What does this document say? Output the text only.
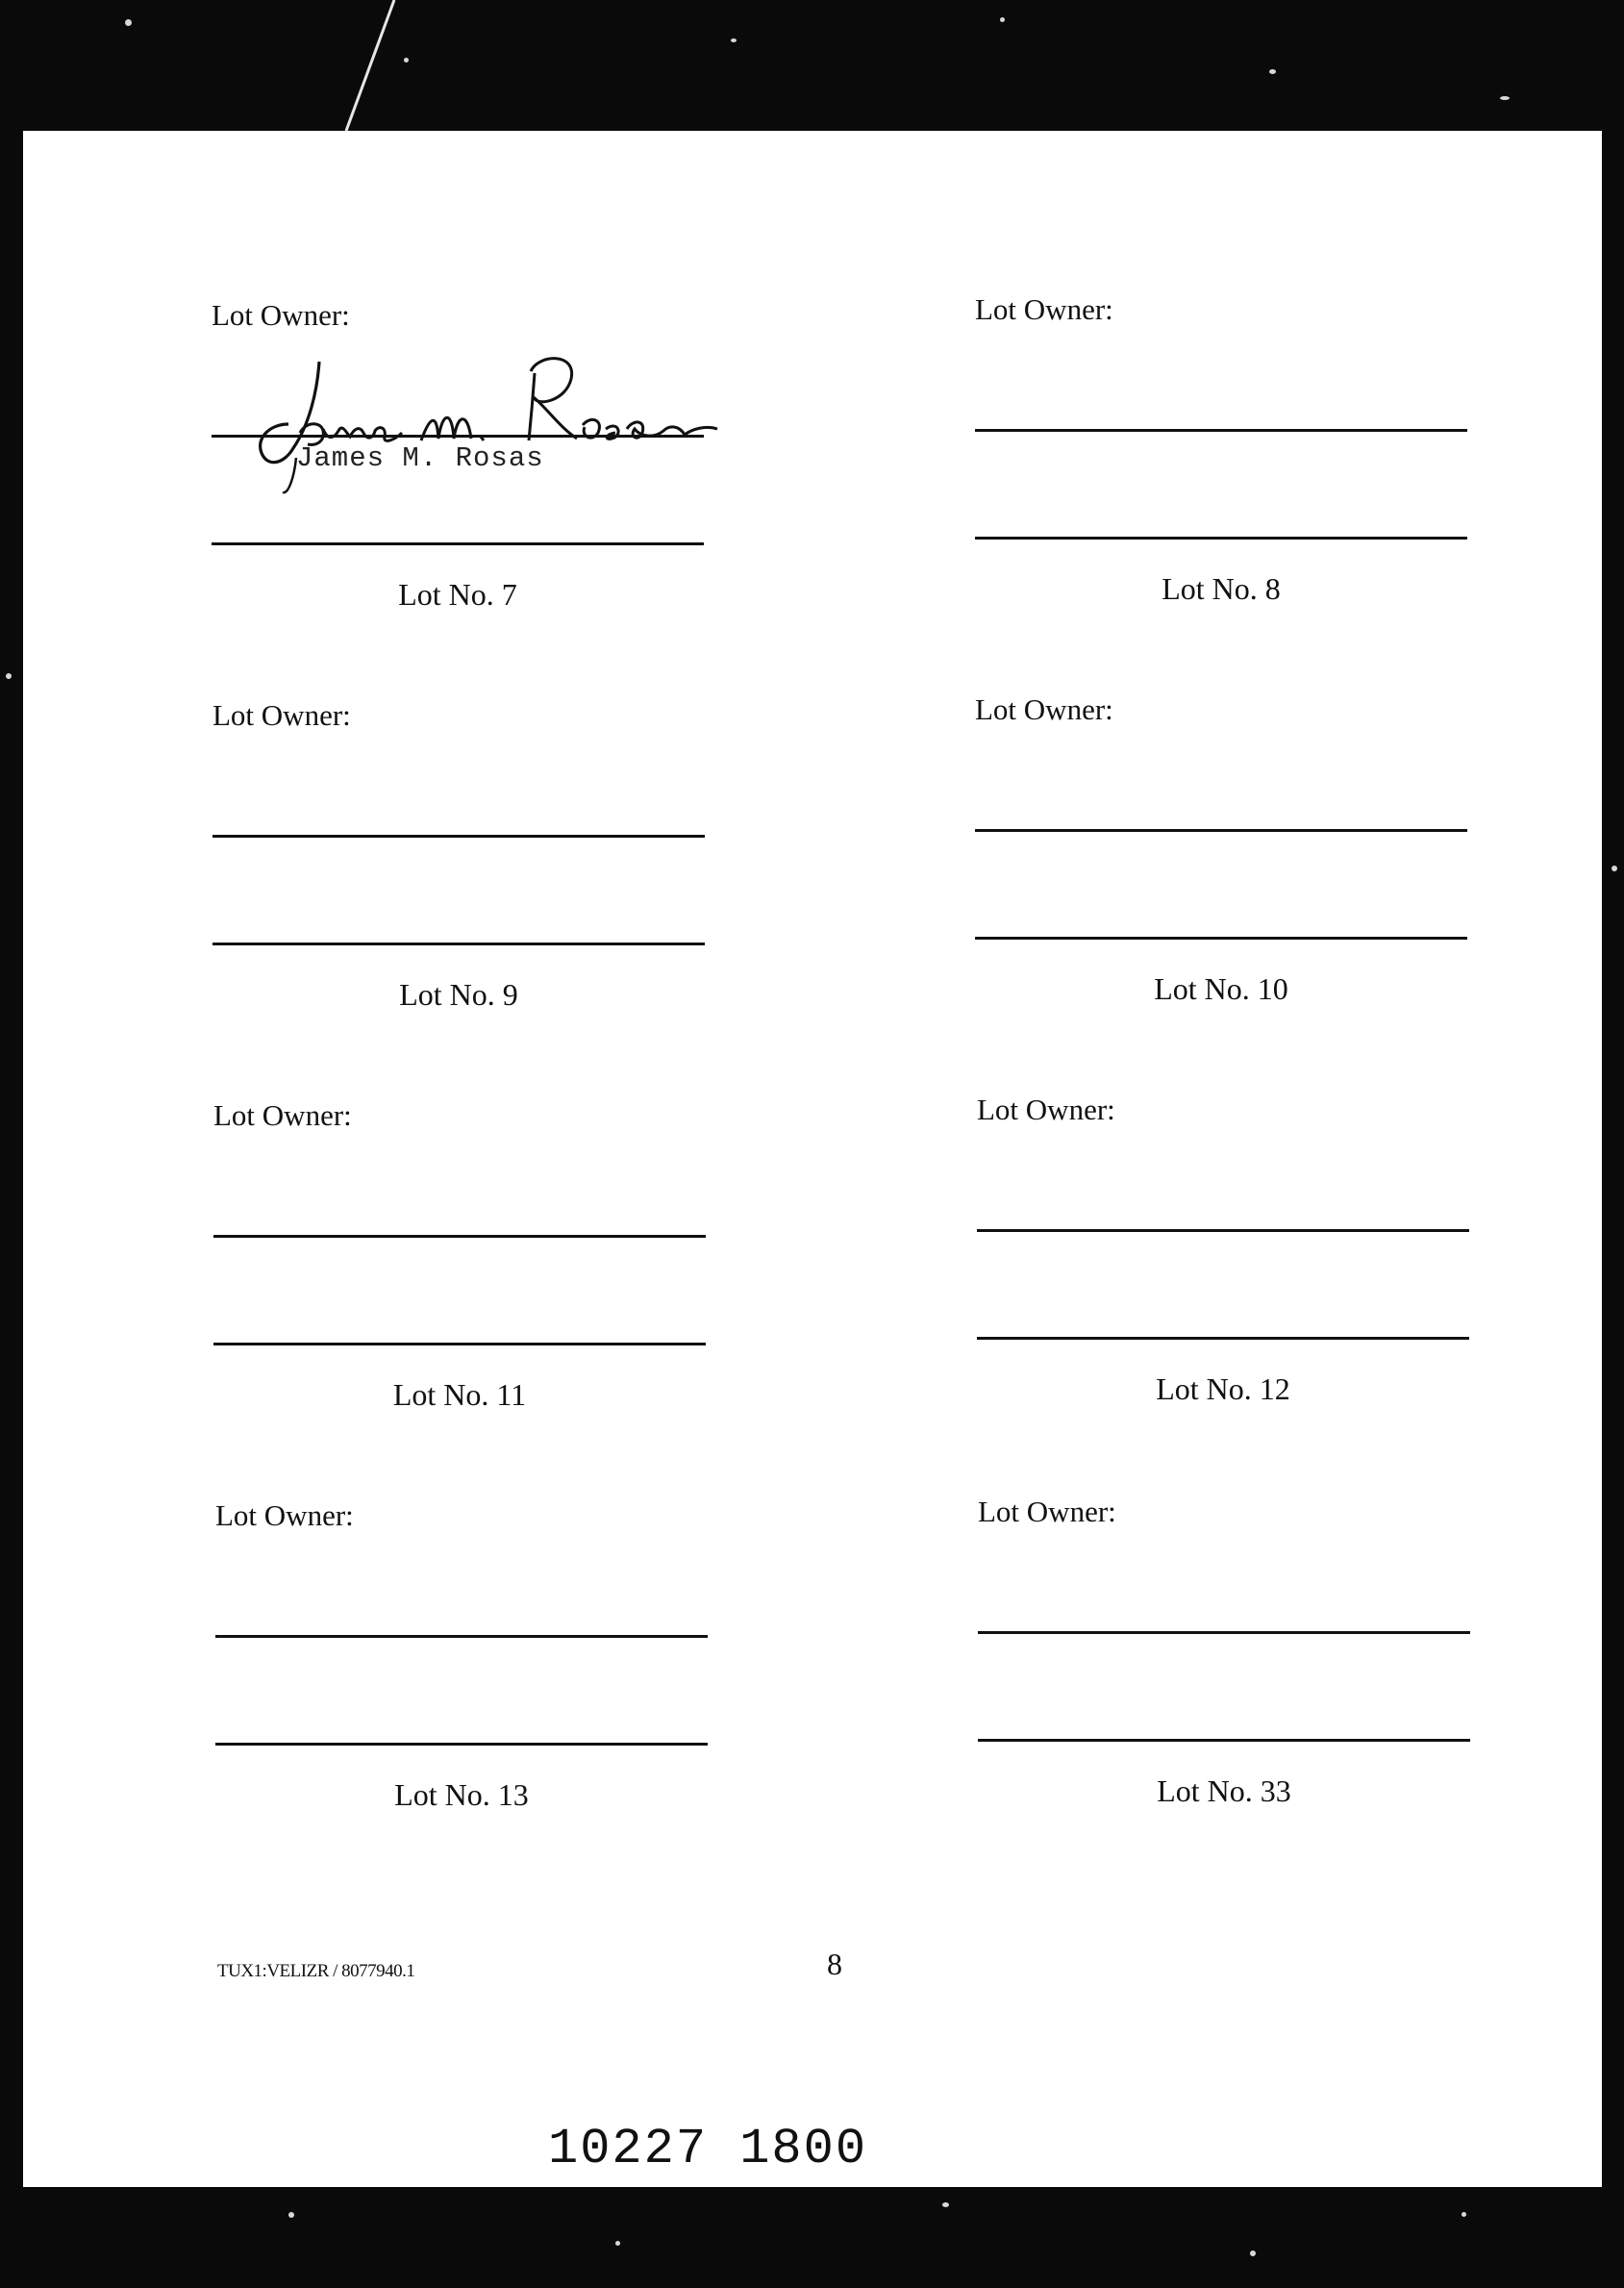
Lot Owner:
James M. Rosas
Lot No. 7
Lot Owner:
Lot No. 8
Lot Owner:
Lot No. 9
Lot Owner:
Lot No. 10
Lot Owner:
Lot No. 11
Lot Owner:
Lot No. 12
Lot Owner:
Lot No. 13
Lot Owner:
Lot No. 33
TUX1:VELIZR / 8077940.1	8
10227 1800
